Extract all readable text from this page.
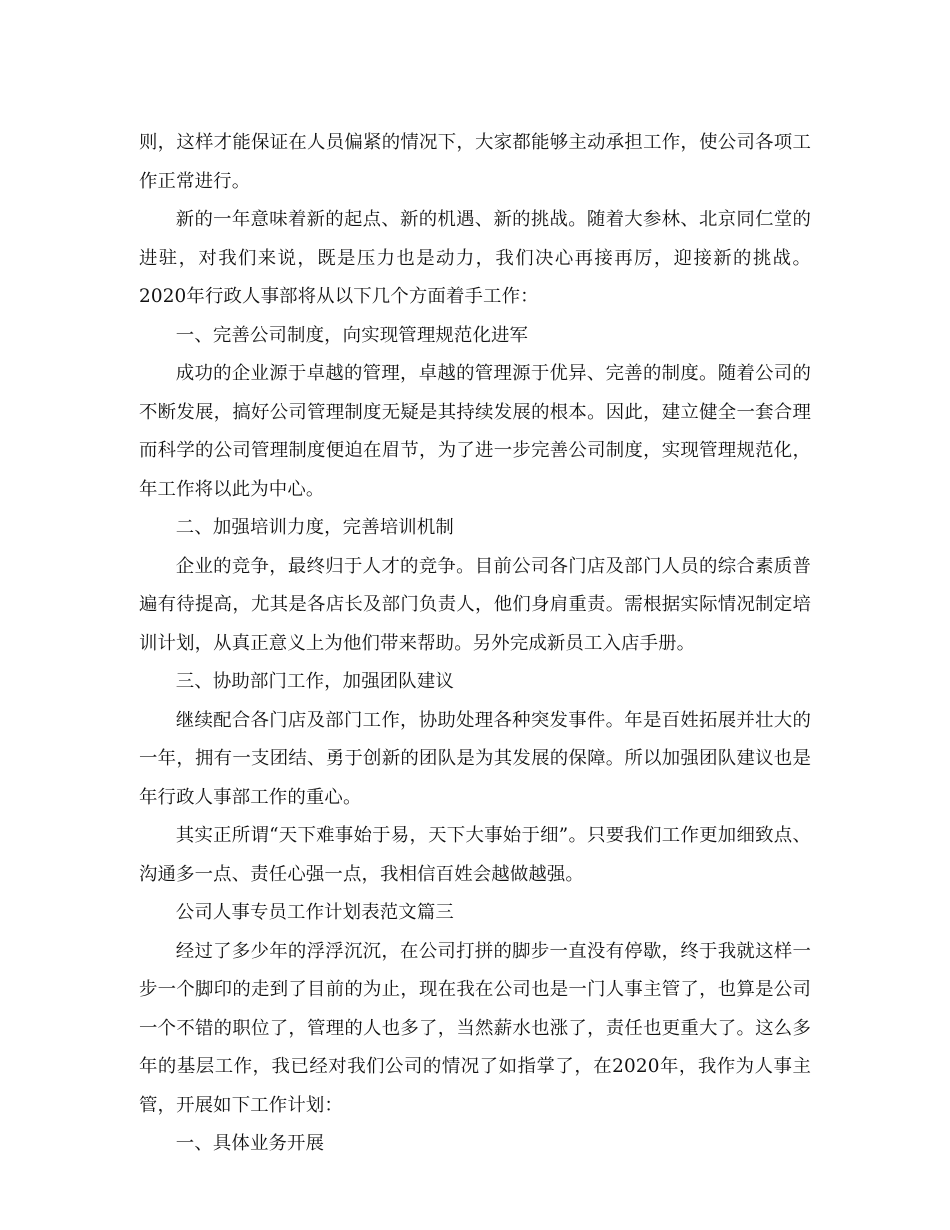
则，这样才能保证在人员偏紧的情况下，大家都能够主动承担工作，使公司各项工作正常进行。

新的一年意味着新的起点、新的机遇、新的挑战。随着大参林、北京同仁堂的进驻，对我们来说，既是压力也是动力，我们决心再接再厉，迎接新的挑战。2020年行政人事部将从以下几个方面着手工作：

一、完善公司制度，向实现管理规范化进军

成功的企业源于卓越的管理，卓越的管理源于优异、完善的制度。随着公司的不断发展，搞好公司管理制度无疑是其持续发展的根本。因此，建立健全一套合理而科学的公司管理制度便迫在眉节，为了进一步完善公司制度，实现管理规范化，年工作将以此为中心。

二、加强培训力度，完善培训机制

企业的竞争，最终归于人才的竞争。目前公司各门店及部门人员的综合素质普遍有待提高，尤其是各店长及部门负责人，他们身肩重责。需根据实际情况制定培训计划，从真正意义上为他们带来帮助。另外完成新员工入店手册。

三、协助部门工作，加强团队建议

继续配合各门店及部门工作，协助处理各种突发事件。年是百姓拓展并壮大的一年，拥有一支团结、勇于创新的团队是为其发展的保障。所以加强团队建议也是年行政人事部工作的重心。

其实正所谓“天下难事始于易，天下大事始于细”。只要我们工作更加细致点、沟通多一点、责任心强一点，我相信百姓会越做越强。

公司人事专员工作计划表范文篇三

经过了多少年的浮浮沉沉，在公司打拼的脚步一直没有停歇，终于我就这样一步一个脚印的走到了目前的为止，现在我在公司也是一门人事主管了，也算是公司一个不错的职位了，管理的人也多了，当然薪水也涨了，责任也更重大了。这么多年的基层工作，我已经对我们公司的情况了如指掌了，在2020年，我作为人事主管，开展如下工作计划：

一、具体业务开展
